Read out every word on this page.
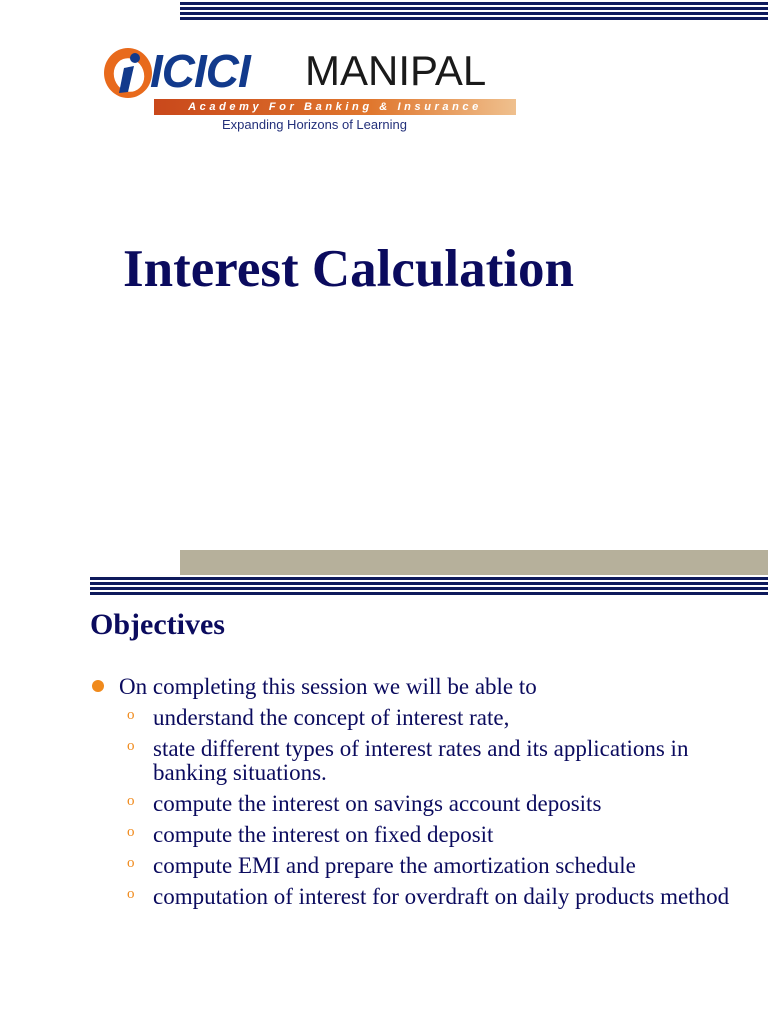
ICICI MANIPAL
Academy For Banking & Insurance
Expanding Horizons of Learning
Interest Calculation
Objectives
On completing this session we will be able to
o understand the concept of interest rate,
o state different types of interest rates and its applications in banking situations.
o compute the interest on savings account deposits
o compute the interest on fixed deposit
o compute EMI and prepare the amortization schedule
o computation of interest for overdraft on daily products method
